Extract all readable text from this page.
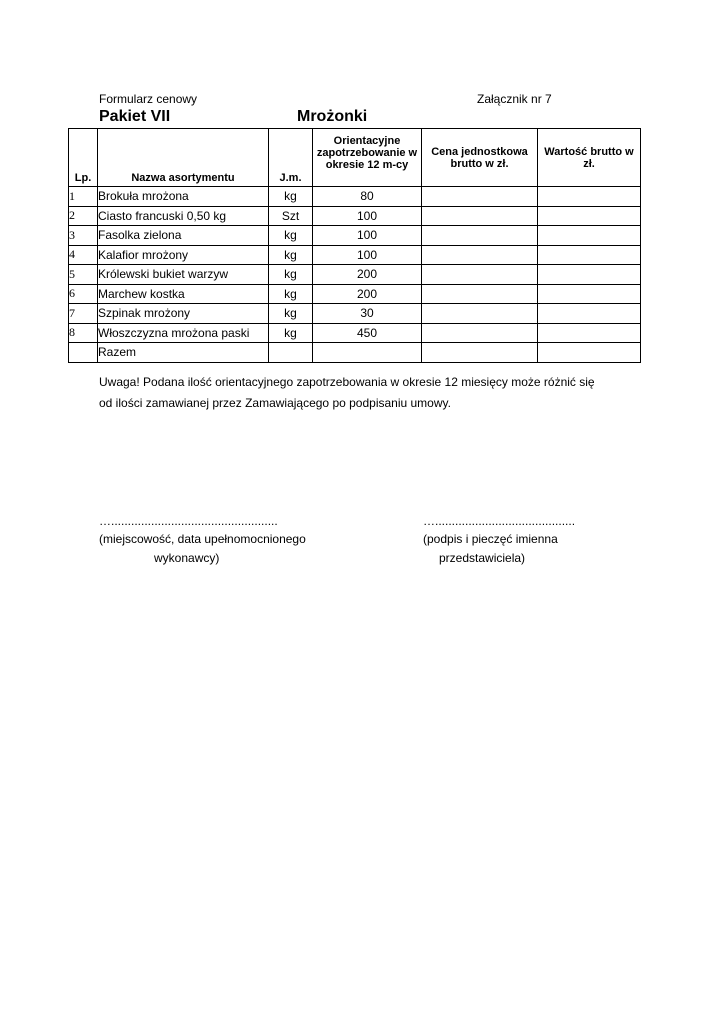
Formularz cenowy	Załącznik nr 7
Pakiet VII	Mrożonki
Lp.	Nazwa asortymentu	J.m.	Orientacyjne zapotrzebowanie w okresie 12 m-cy	Cena jednostkowa brutto w zł.	Wartość brutto w zł.
1	Brokuła mrożona	kg	80		
2	Ciasto francuski 0,50 kg	Szt	100		
3	Fasolka zielona	kg	100		
4	Kalafior mrożony	kg	100		
5	Królewski bukiet warzyw	kg	200		
6	Marchew kostka	kg	200		
7	Szpinak mrożony	kg	30		
8	Włoszczyzna mrożona paski	kg	450		
	Razem				
Uwaga! Podana ilość orientacyjnego zapotrzebowania w okresie 12 miesięcy może różnić się
od ilości zamawianej przez Zamawiającego po podpisaniu umowy.
…..................................................
(miejscowość, data upełnomocnionego
wykonawcy)
…..........................................
(podpis i pieczęć imienna
przedstawiciela)
